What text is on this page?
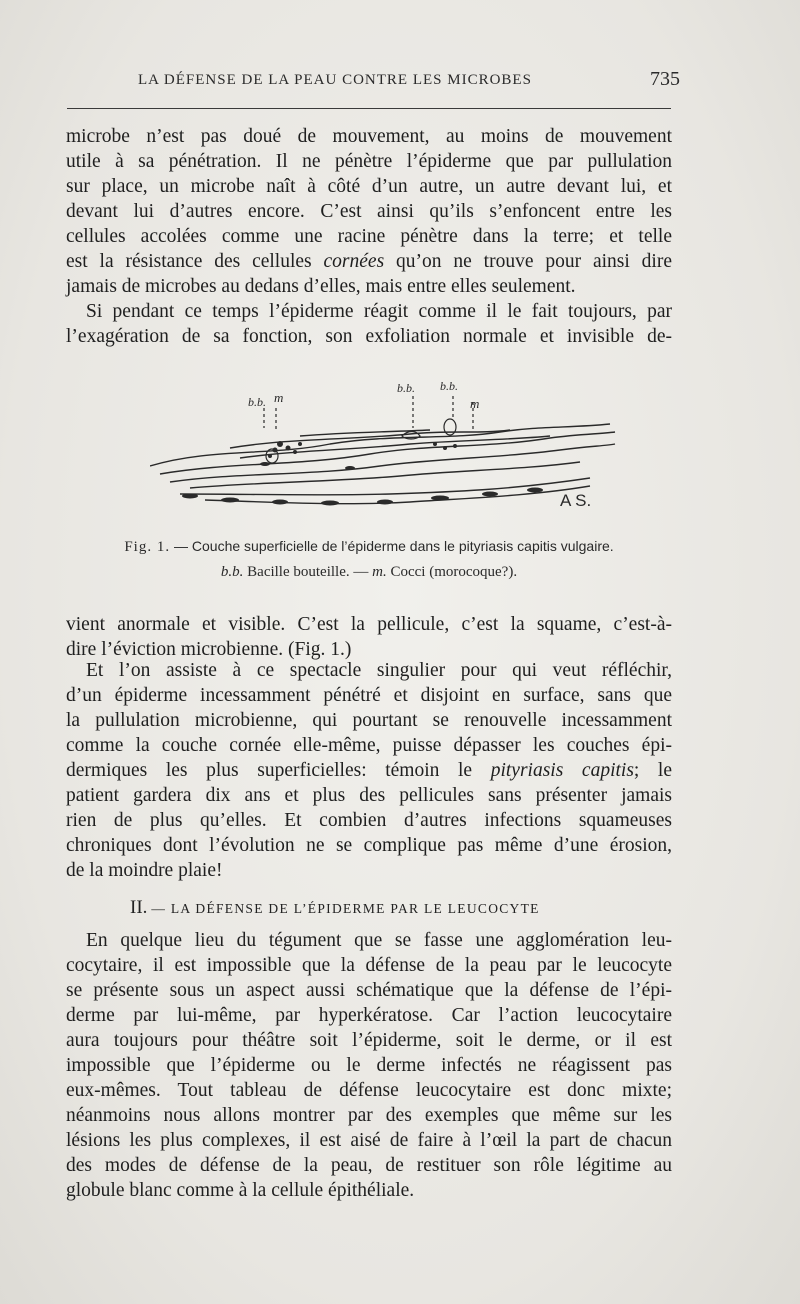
LA DÉFENSE DE LA PEAU CONTRE LES MICROBES	735
microbe n’est pas doué de mouvement, au moins de mouvement
utile à sa pénétration. Il ne pénètre l’épiderme que par pullulation
sur place, un microbe naît à côté d’un autre, un autre devant lui, et
devant lui d’autres encore. C’est ainsi qu’ils s’enfoncent entre les
cellules accolées comme une racine pénètre dans la terre; et telle
est la résistance des cellules cornées qu’on ne trouve pour ainsi dire
jamais de microbes au dedans d’elles, mais entre elles seulement.
Si pendant ce temps l’épiderme réagit comme il le fait toujours, par
l’exagération de sa fonction, son exfoliation normale et invisible de-
b.b. m
b.b. b.b.
m
A S.
Fig. 1. — Couche superficielle de l’épiderme dans le pityriasis capitis vulgaire.
b.b. Bacille bouteille. — m. Cocci (morocoque?).
vient anormale et visible. C’est la pellicule, c’est la squame, c’est-à-
dire l’éviction microbienne. (Fig. 1.)
Et l’on assiste à ce spectacle singulier pour qui veut réfléchir,
d’un épiderme incessamment pénétré et disjoint en surface, sans que
la pullulation microbienne, qui pourtant se renouvelle incessamment
comme la couche cornée elle-même, puisse dépasser les couches épi-
dermiques les plus superficielles: témoin le pityriasis capitis; le
patient gardera dix ans et plus des pellicules sans présenter jamais
rien de plus qu’elles. Et combien d’autres infections squameuses
chroniques dont l’évolution ne se complique pas même d’une érosion,
de la moindre plaie!
II. — LA DÉFENSE DE L’ÉPIDERME PAR LE LEUCOCYTE
En quelque lieu du tégument que se fasse une agglomération leu-
cocytaire, il est impossible que la défense de la peau par le leucocyte
se présente sous un aspect aussi schématique que la défense de l’épi-
derme par lui-même, par hyperkératose. Car l’action leucocytaire
aura toujours pour théâtre soit l’épiderme, soit le derme, or il est
impossible que l’épiderme ou le derme infectés ne réagissent pas
eux-mêmes. Tout tableau de défense leucocytaire est donc mixte;
néanmoins nous allons montrer par des exemples que même sur les
lésions les plus complexes, il est aisé de faire à l’œil la part de chacun
des modes de défense de la peau, de restituer son rôle légitime au
globule blanc comme à la cellule épithéliale.
